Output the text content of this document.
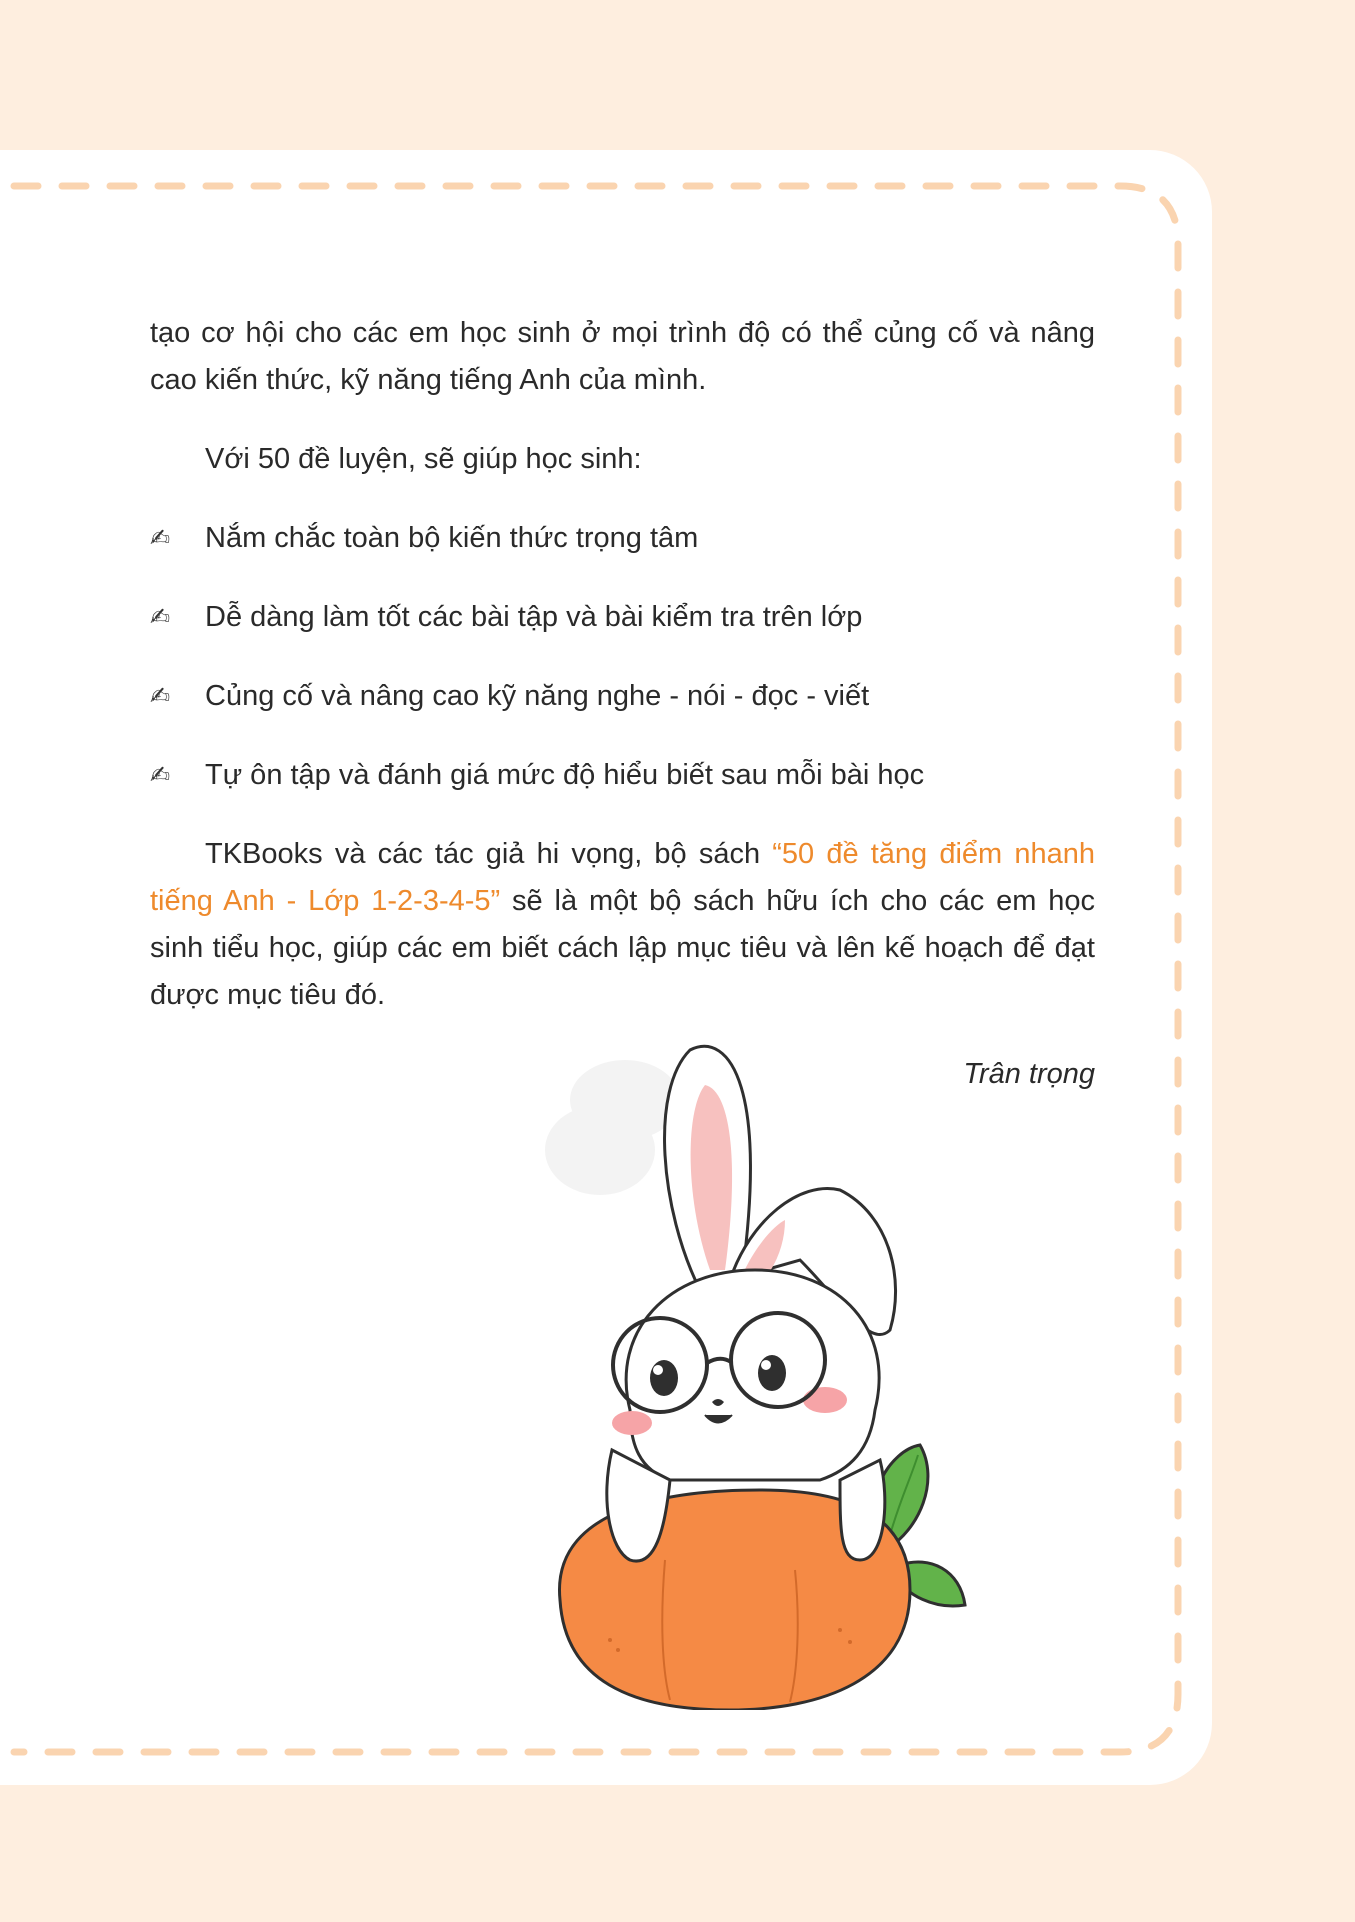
tạo cơ hội cho các em học sinh ở mọi trình độ có thể củng cố và nâng cao kiến thức, kỹ năng tiếng Anh của mình.

Với 50 đề luyện, sẽ giúp học sinh:

✍	Nắm chắc toàn bộ kiến thức trọng tâm
✍	Dễ dàng làm tốt các bài tập và bài kiểm tra trên lớp
✍	Củng cố và nâng cao kỹ năng nghe - nói - đọc - viết
✍	Tự ôn tập và đánh giá mức độ hiểu biết sau mỗi bài học

TKBooks và các tác giả hi vọng, bộ sách “50 đề tăng điểm nhanh tiếng Anh - Lớp 1-2-3-4-5” sẽ là một bộ sách hữu ích cho các em học sinh tiểu học, giúp các em biết cách lập mục tiêu và lên kế hoạch để đạt được mục tiêu đó.

Trân trọng
